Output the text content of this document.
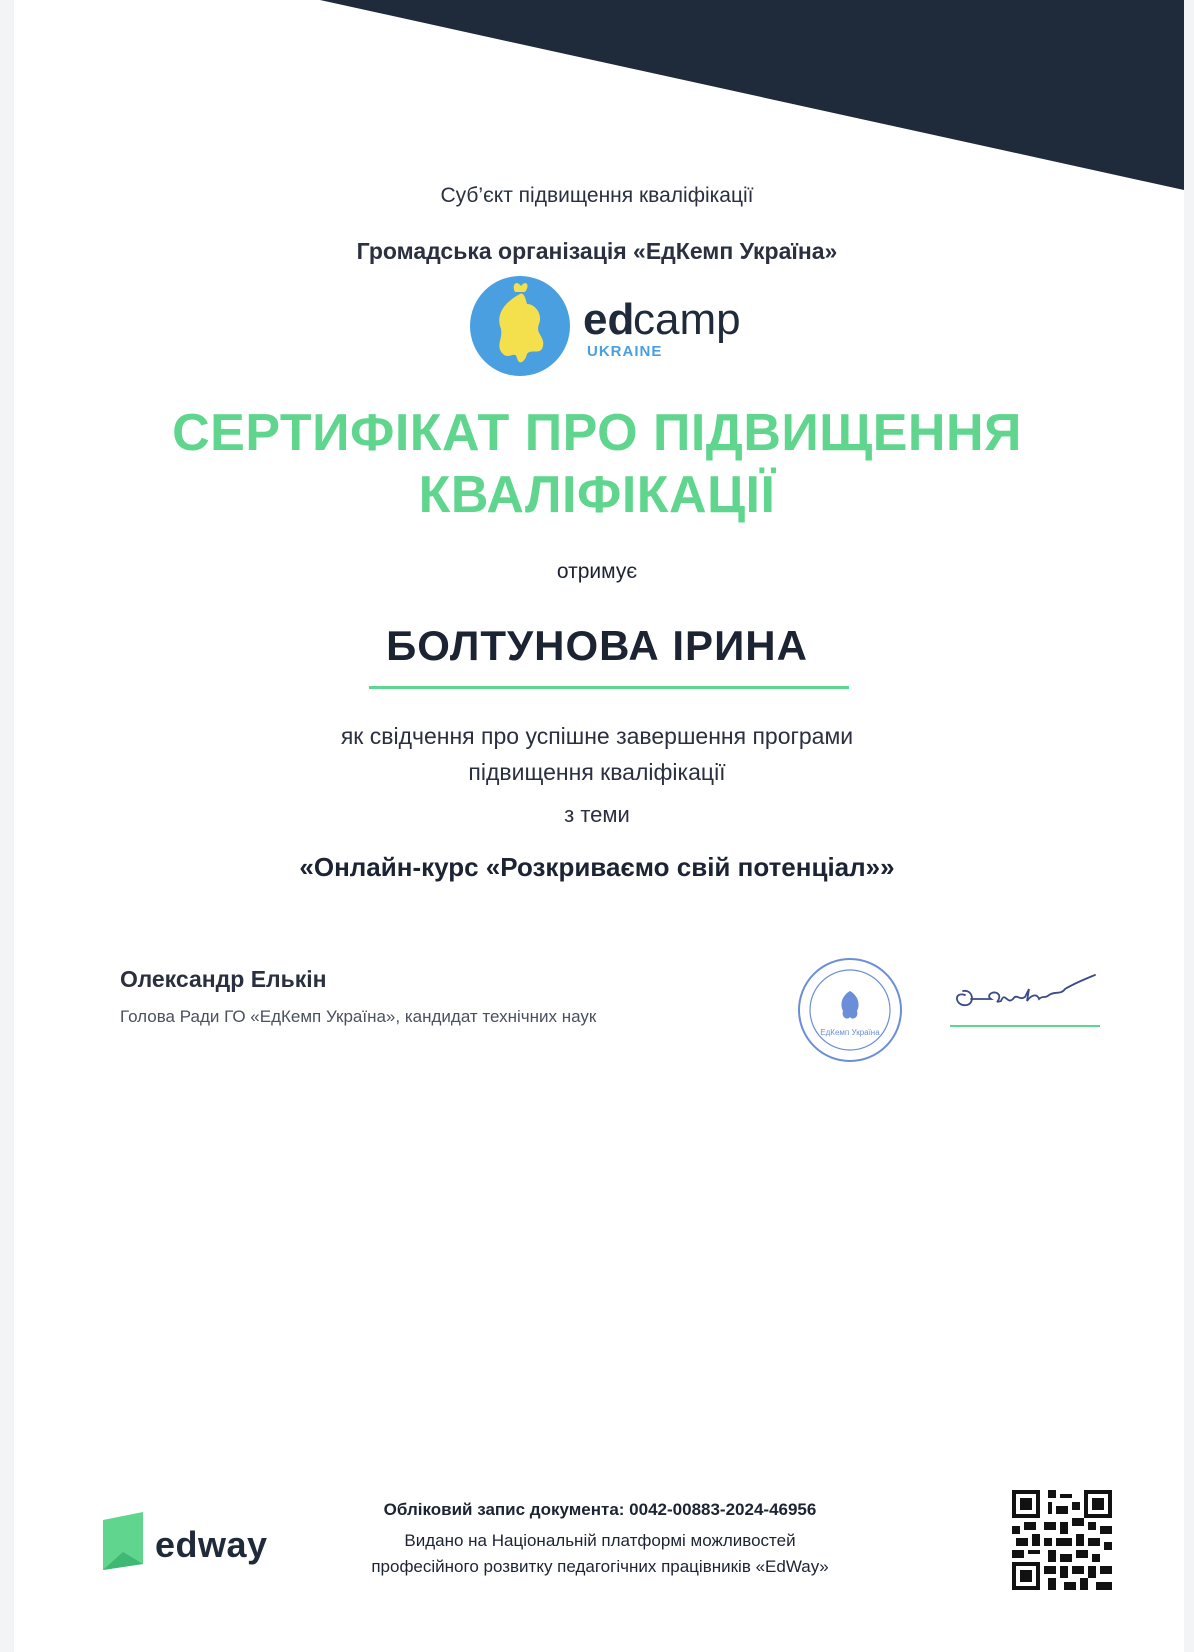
Суб’єкт підвищення кваліфікації
Громадська організація «ЕдКемп Україна»
ed
camp
UKRAINE
СЕРТИФІКАТ ПРО ПІДВИЩЕННЯ
КВАЛІФІКАЦІЇ
отримує
БОЛТУНОВА ІРИНА
як свідчення про успішне завершення програми
підвищення кваліфікації
з теми
«Онлайн-курс «Розкриваємо свій потенціал»»
Олександр Елькін
Голова Ради ГО «ЕдКемп Україна», кандидат технічних наук
ЕдКемп Україна
edway
Обліковий запис документа: 0042-00883-2024-46956
Видано на Національній платформі можливостей
професійного розвитку педагогічних працівників «EdWay»
